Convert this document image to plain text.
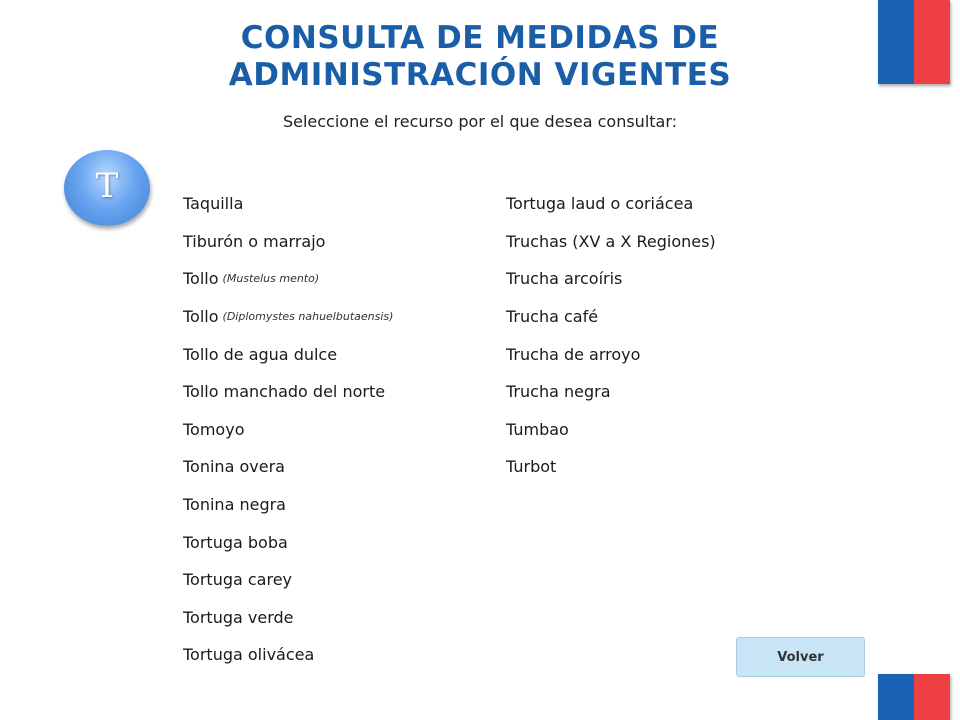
CONSULTA DE MEDIDAS DE
ADMINISTRACIÓN VIGENTES
Seleccione el recurso por el que desea consultar:
T	Taquilla
Tiburón o marrajo
Tollo (Mustelus mento)
Tollo (Diplomystes nahuelbutaensis)
Tollo de agua dulce
Tollo manchado del norte
Tomoyo
Tonina overa
Tonina negra
Tortuga boba
Tortuga carey
Tortuga verde
Tortuga olivácea
Tortuga laud o coriácea
Truchas (XV a X Regiones)
Trucha arcoíris
Trucha café
Trucha de arroyo
Trucha negra
Tumbao
Turbot
Volver
